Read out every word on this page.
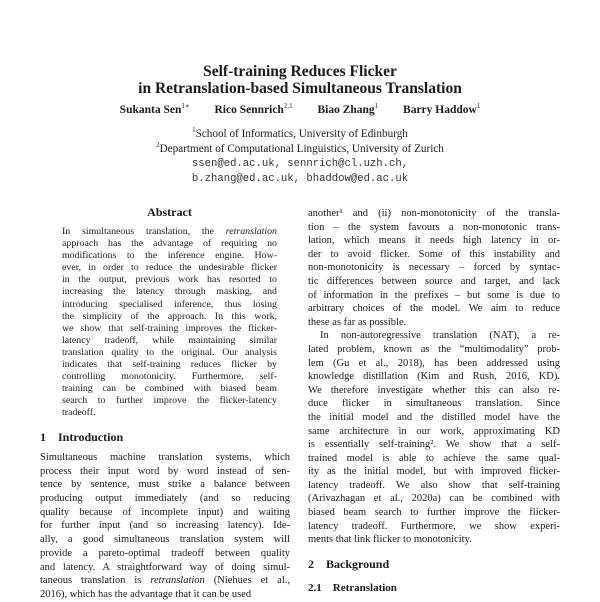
Self-training Reduces Flicker
in Retranslation-based Simultaneous Translation
Sukanta Sen$^{1∗}$ Rico Sennrich$^{2,1}$ Biao Zhang$^1$ Barry Haddow$^1$
$^1$School of Informatics, University of Edinburgh
$^2$Department of Computational Linguistics, University of Zurich
ssen@ed.ac.uk, sennrich@cl.uzh.ch,
b.zhang@ed.ac.uk, bhaddow@ed.ac.uk
Abstract
In simultaneous translation, the retranslation
approach has the advantage of requiring no
modifications to the inference engine. How-
ever, in order to reduce the undesirable flicker
in the output, previous work has resorted to
increasing the latency through masking, and
introducing specialised inference, thus losing
the simplicity of the approach. In this work,
we show that self-training improves the flicker-
latency tradeoff, while maintaining similar
translation quality to the original. Our analysis
indicates that self-training reduces flicker by
controlling monotonicity. Furthermore, self-
training can be combined with biased beam
search to further improve the flicker-latency
tradeoff.
1    Introduction
Simultaneous machine translation systems, which
process their input word by word instead of sen-
tence by sentence, must strike a balance between
producing output immediately (and so reducing
quality because of incomplete input) and waiting
for further input (and so increasing latency). Ide-
ally, a good simultaneous translation system will
provide a pareto-optimal tradeoff between quality
and latency. A straightforward way of doing simul-
taneous translation is retranslation (Niehues et al.,
2016), which has the advantage that it can be used
another¹ and (ii) non-monotonicity of the transla-
tion – the system favours a non-monotonic trans-
lation, which means it needs high latency in or-
der to avoid flicker. Some of this instability and
non-monotonicity is necessary – forced by syntac-
tic differences between source and target, and lack
of information in the prefixes – but some is due to
arbitrary choices of the model. We aim to reduce
these as far as possible.
In non-autoregressive translation (NAT), a re-
lated problem, known as the “multimodality” prob-
lem (Gu et al., 2018), has been addressed using
knowledge distillation (Kim and Rush, 2016, KD).
We therefore investigate whether this can also re-
duce flicker in simultaneous translation. Since
the initial model and the distilled model have the
same architecture in our work, approximating KD
is essentially self-training². We show that a self-
trained model is able to achieve the same qual-
ity as the initial model, but with improved flicker-
latency tradeoff. We also show that self-training
(Arivazhagan et al., 2020a) can be combined with
biased beam search to further improve the flicker-
latency tradeoff. Furthermore, we show experi-
ments that link flicker to monotonicity.
2    Background
2.1    Retranslation
